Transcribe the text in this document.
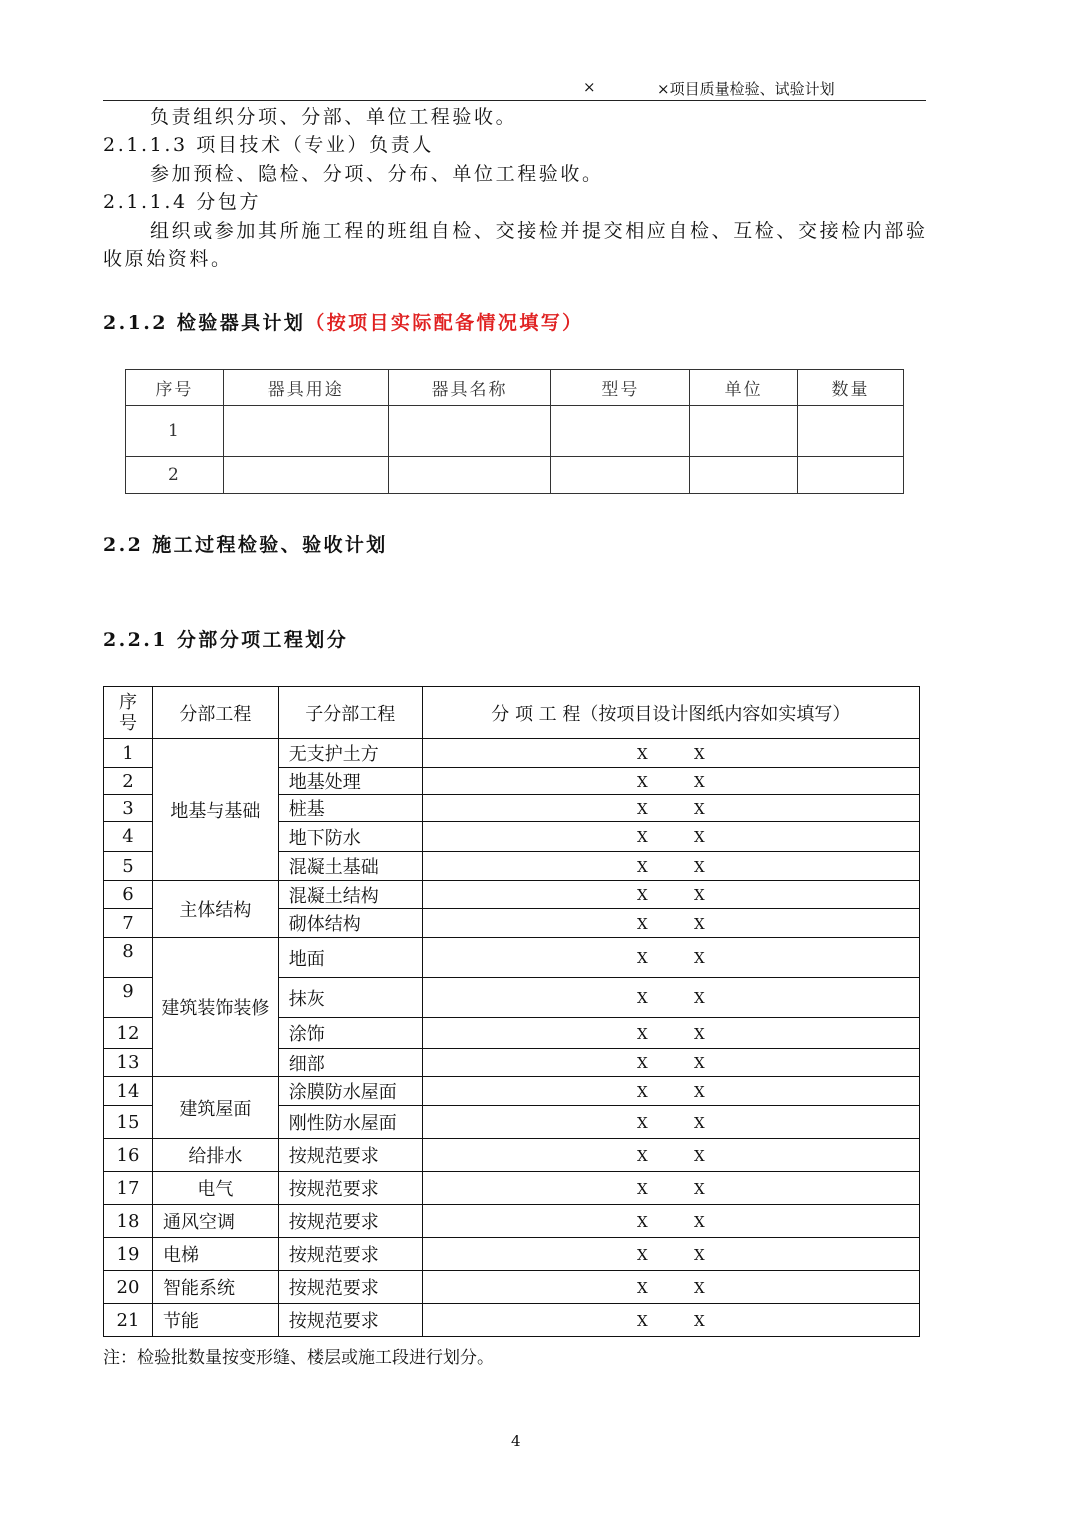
×	×项目质量检验、试验计划
负责组织分项、分部、单位工程验收。
2.1.1.3 项目技术（专业）负责人
参加预检、隐检、分项、分布、单位工程验收。
2.1.1.4 分包方
组织或参加其所施工程的班组自检、交接检并提交相应自检、互检、交接检内部验
收原始资料。
2.1.2 检验器具计划（按项目实际配备情况填写）
序号	器具用途	器具名称	型号	单位	数量
1					
2					
2.2 施工过程检验、验收计划
2.2.1 分部分项工程划分
序号	分部工程	子分部工程	分 项 工 程（按项目设计图纸内容如实填写）
1	地基与基础	无支护土方	X X
2		地基处理	X X
3		桩基	X X
4		地下防水	X X
5		混凝土基础	X X
6	主体结构	混凝土结构	X X
7		砌体结构	X X
8	建筑装饰装修	地面	X X
9		抹灰	X X
12		涂饰	X X
13		细部	X X
14	建筑屋面	涂膜防水屋面	X X
15		刚性防水屋面	X X
16	给排水	按规范要求	X X
17	电气	按规范要求	X X
18	通风空调	按规范要求	X X
19	电梯	按规范要求	X X
20	智能系统	按规范要求	X X
21	节能	按规范要求	X X
注：检验批数量按变形缝、楼层或施工段进行划分。
4
